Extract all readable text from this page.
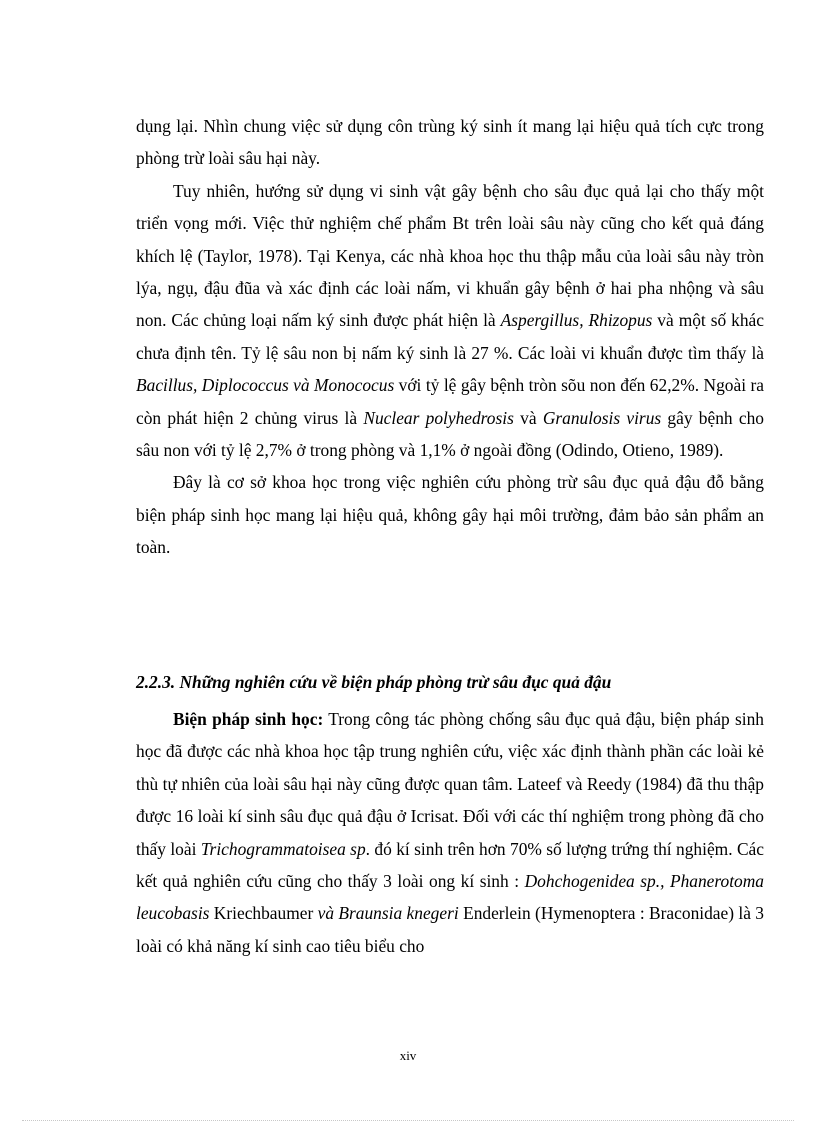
dụng lại. Nhìn chung việc sử dụng côn trùng ký sinh ít mang lại hiệu quả tích cực trong phòng trừ loài sâu hại này.

Tuy nhiên, hướng sử dụng vi sinh vật gây bệnh cho sâu đục quả lại cho thấy một triển vọng mới. Việc thử nghiệm chế phẩm Bt trên loài sâu này cũng cho kết quả đáng khích lệ (Taylor, 1978). Tại Kenya, các nhà khoa học thu thập mẫu của loài sâu này tròn lýa, ngụ, đậu đũa và xác định các loài nấm, vi khuẩn gây bệnh ở hai pha nhộng và sâu non. Các chủng loại nấm ký sinh được phát hiện là Aspergillus, Rhizopus và một số khác chưa định tên. Tỷ lệ sâu non bị nấm ký sinh là 27 %. Các loài vi khuẩn được tìm thấy là Bacillus, Diplococcus và Monococus với tỷ lệ gây bệnh tròn sõu non đến 62,2%. Ngoài ra còn phát hiện 2 chủng virus là Nuclear polyhedrosis và Granulosis virus gây bệnh cho sâu non với tỷ lệ 2,7% ở trong phòng và 1,1% ở ngoài đồng (Odindo, Otieno, 1989).

Đây là cơ sở khoa học trong việc nghiên cứu phòng trừ sâu đục quả đậu đỗ bằng biện pháp sinh học mang lại hiệu quả, không gây hại môi trường, đảm bảo sản phẩm an toàn.

2.2.3. Những nghiên cứu về biện pháp phòng trừ sâu đục quả đậu

Biện pháp sinh học: Trong công tác phòng chống sâu đục quả đậu, biện pháp sinh học đã được các nhà khoa học tập trung nghiên cứu, việc xác định thành phần các loài kẻ thù tự nhiên của loài sâu hại này cũng được quan tâm. Lateef và Reedy (1984) đã thu thập được 16 loài kí sinh sâu đục quả đậu ở Icrisat. Đối với các thí nghiệm trong phòng đã cho thấy loài Trichogrammatoisea sp. đó kí sinh trên hơn 70% số lượng trứng thí nghiệm. Các kết quả nghiên cứu cũng cho thấy 3 loài ong kí sinh : Dohchogenidea sp., Phanerotoma leucobasis Kriechbaumer và Braunsia knegeri Enderlein (Hymenoptera : Braconidae) là 3 loài có khả năng kí sinh cao tiêu biểu cho

xiv
